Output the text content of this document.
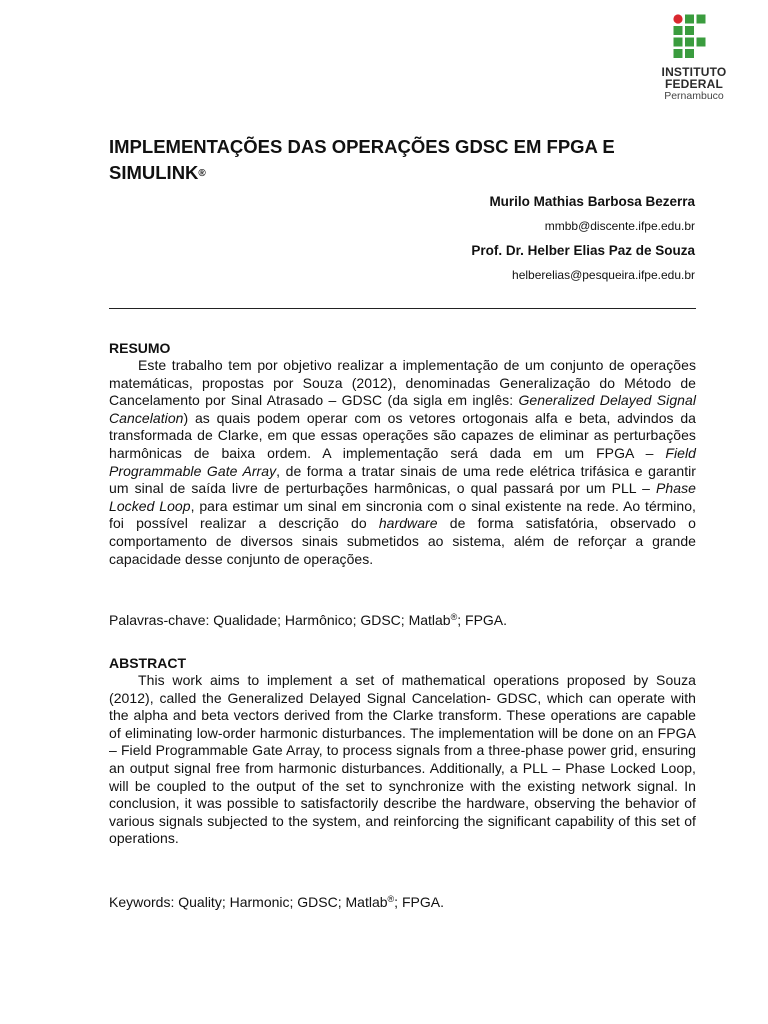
INSTITUTO
FEDERAL
Pernambuco
IMPLEMENTAÇÕES DAS OPERAÇÕES GDSC EM FPGA E SIMULINK®
Murilo Mathias Barbosa Bezerra
mmbb@discente.ifpe.edu.br
Prof. Dr. Helber Elias Paz de Souza
helberelias@pesqueira.ifpe.edu.br
RESUMO

Este trabalho tem por objetivo realizar a implementação de um conjunto de operações matemáticas, propostas por Souza (2012), denominadas Generalização do Método de Cancelamento por Sinal Atrasado – GDSC (da sigla em inglês: Generalized Delayed Signal Cancelation) as quais podem operar com os vetores ortogonais alfa e beta, advindos da transformada de Clarke, em que essas operações são capazes de eliminar as perturbações harmônicas de baixa ordem. A implementação será dada em um FPGA – Field Programmable Gate Array, de forma a tratar sinais de uma rede elétrica trifásica e garantir um sinal de saída livre de perturbações harmônicas, o qual passará por um PLL – Phase Locked Loop, para estimar um sinal em sincronia com o sinal existente na rede. Ao término, foi possível realizar a descrição do hardware de forma satisfatória, observado o comportamento de diversos sinais submetidos ao sistema, além de reforçar a grande capacidade desse conjunto de operações.

Palavras-chave: Qualidade; Harmônico; GDSC; Matlab®; FPGA.
ABSTRACT

This work aims to implement a set of mathematical operations proposed by Souza (2012), called the Generalized Delayed Signal Cancelation- GDSC, which can operate with the alpha and beta vectors derived from the Clarke transform. These operations are capable of eliminating low-order harmonic disturbances. The implementation will be done on an FPGA – Field Programmable Gate Array, to process signals from a three-phase power grid, ensuring an output signal free from harmonic disturbances. Additionally, a PLL – Phase Locked Loop, will be coupled to the output of the set to synchronize with the existing network signal. In conclusion, it was possible to satisfactorily describe the hardware, observing the behavior of various signals subjected to the system, and reinforcing the significant capability of this set of operations.

Keywords: Quality; Harmonic; GDSC; Matlab®; FPGA.
